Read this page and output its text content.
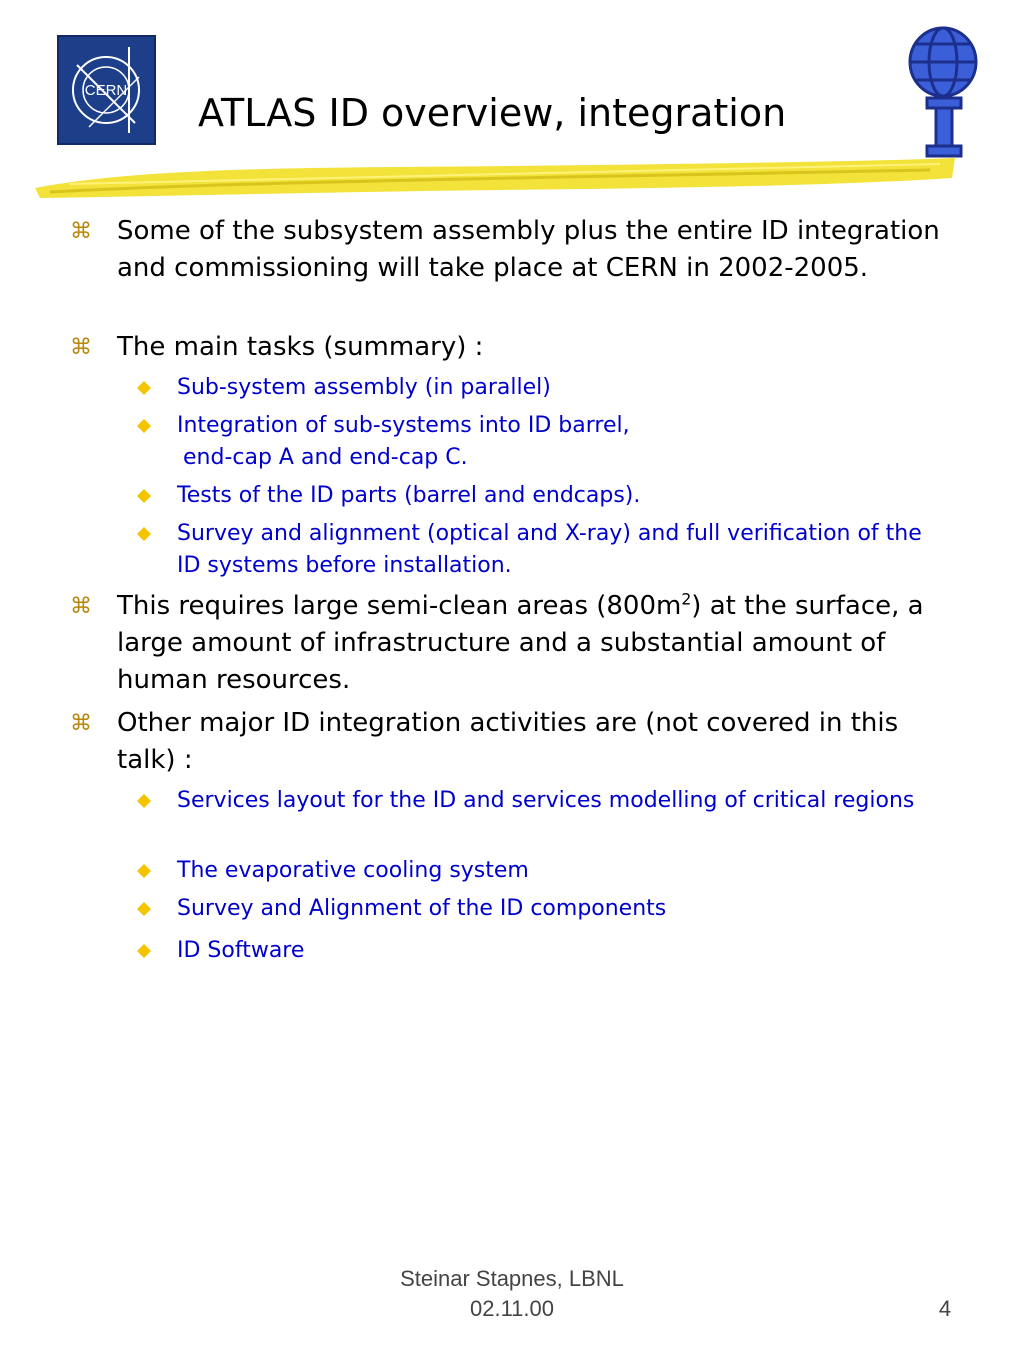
CERN
ATLAS ID overview, integration
⌘ Some of the subsystem assembly plus the entire ID integration and commissioning will take place at CERN in 2002-2005.
⌘ The main tasks (summary) :
Sub-system assembly (in parallel)
Integration of sub-systems into ID barrel,
end-cap A and end-cap C.
Tests of the ID parts (barrel and endcaps).
Survey and alignment (optical and X-ray) and full verification of the ID systems before installation.
⌘ This requires large semi-clean areas $(800m^2)$ at the surface, a large amount of infrastructure and a substantial amount of human resources.
⌘ Other major ID integration activities are (not covered in this talk) :
Services layout for the ID and services modelling of critical regions
The evaporative cooling system
Survey and Alignment of the ID components
ID Software
Steinar Stapnes, LBNL
02.11.00	4
